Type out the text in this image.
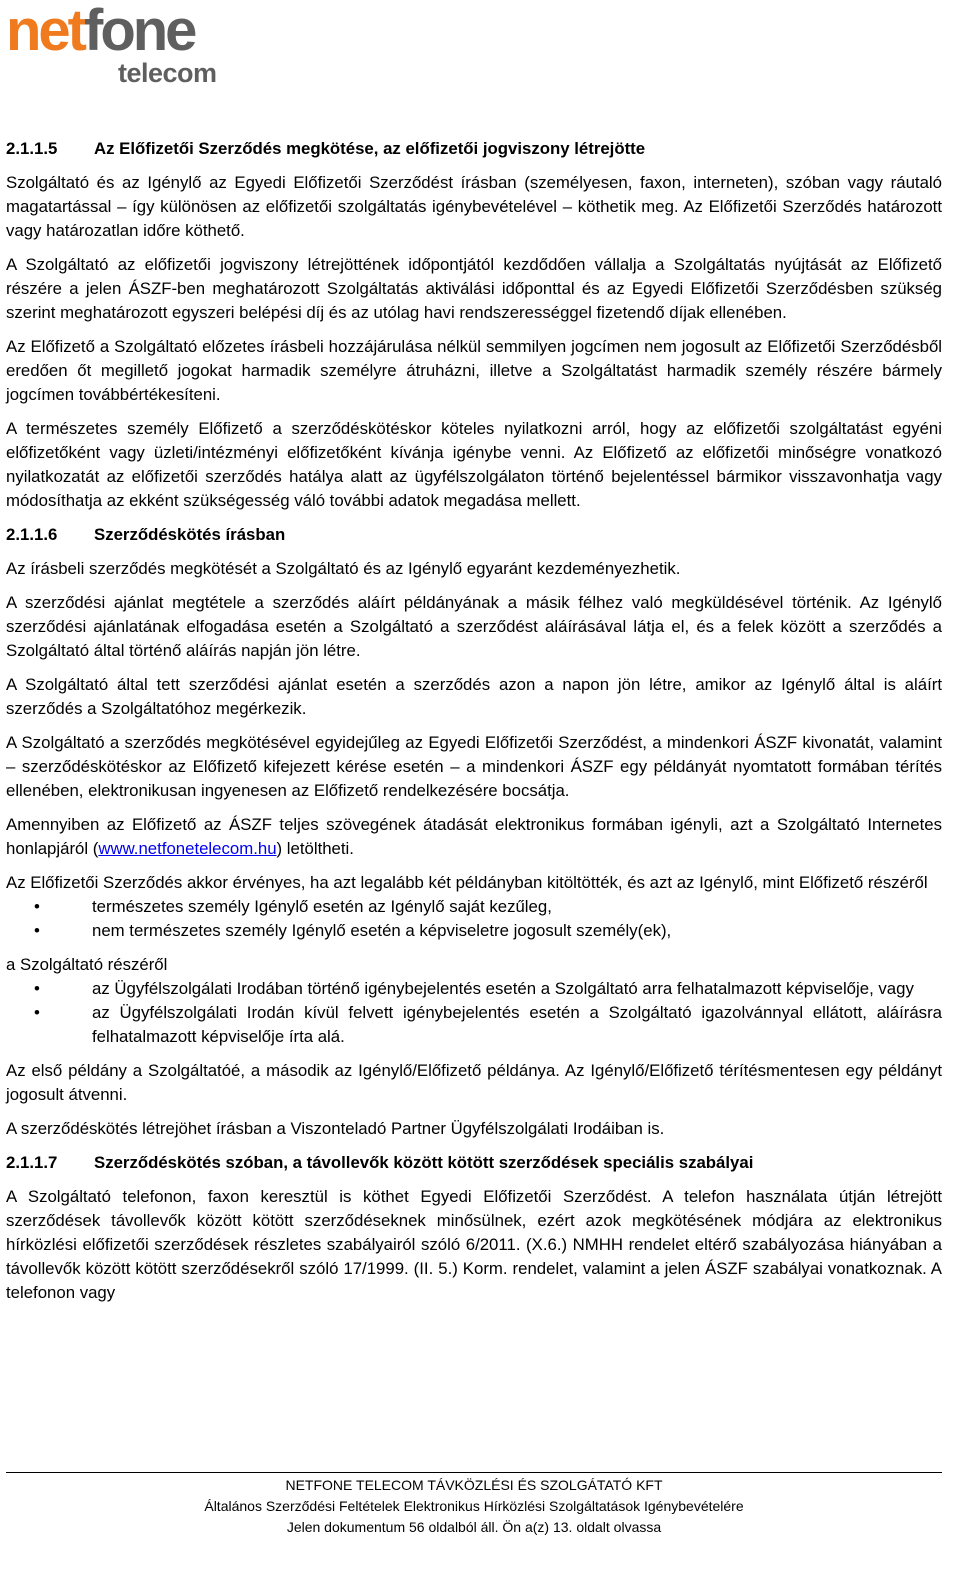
netfone
telecom
2.1.1.5	Az Előfizetői Szerződés megkötése, az előfizetői jogviszony létrejötte

Szolgáltató és az Igénylő az Egyedi Előfizetői Szerződést írásban (személyesen, faxon, interneten), szóban vagy ráutaló magatartással – így különösen az előfizetői szolgáltatás igénybevételével – köthetik meg. Az Előfizetői Szerződés határozott vagy határozatlan időre köthető.

A Szolgáltató az előfizetői jogviszony létrejöttének időpontjától kezdődően vállalja a Szolgáltatás nyújtását az Előfizető részére a jelen ÁSZF-ben meghatározott Szolgáltatás aktiválási időponttal és az Egyedi Előfizetői Szerződésben szükség szerint meghatározott egyszeri belépési díj és az utólag havi rendszerességgel fizetendő díjak ellenében.

Az Előfizető a Szolgáltató előzetes írásbeli hozzájárulása nélkül semmilyen jogcímen nem jogosult az Előfizetői Szerződésből eredően őt megillető jogokat harmadik személyre átruházni, illetve a Szolgáltatást harmadik személy részére bármely jogcímen továbbértékesíteni.

A természetes személy Előfizető a szerződéskötéskor köteles nyilatkozni arról, hogy az előfizetői szolgáltatást egyéni előfizetőként vagy üzleti/intézményi előfizetőként kívánja igénybe venni. Az Előfizető az előfizetői minőségre vonatkozó nyilatkozatát az előfizetői szerződés hatálya alatt az ügyfélszolgálaton történő bejelentéssel bármikor visszavonhatja vagy módosíthatja az ekként szükségesség váló további adatok megadása mellett.

2.1.1.6	Szerződéskötés írásban

Az írásbeli szerződés megkötését a Szolgáltató és az Igénylő egyaránt kezdeményezhetik.

A szerződési ajánlat megtétele a szerződés aláírt példányának a másik félhez való megküldésével történik. Az Igénylő szerződési ajánlatának elfogadása esetén a Szolgáltató a szerződést aláírásával látja el, és a felek között a szerződés a Szolgáltató által történő aláírás napján jön létre.

A Szolgáltató által tett szerződési ajánlat esetén a szerződés azon a napon jön létre, amikor az Igénylő által is aláírt szerződés a Szolgáltatóhoz megérkezik.

A Szolgáltató a szerződés megkötésével egyidejűleg az Egyedi Előfizetői Szerződést, a mindenkori ÁSZF kivonatát, valamint – szerződéskötéskor az Előfizető kifejezett kérése esetén – a mindenkori ÁSZF egy példányát nyomtatott formában térítés ellenében, elektronikusan ingyenesen az Előfizető rendelkezésére bocsátja.

Amennyiben az Előfizető az ÁSZF teljes szövegének átadását elektronikus formában igényli, azt a Szolgáltató Internetes honlapjáról (www.netfonetelecom.hu) letöltheti.

Az Előfizetői Szerződés akkor érvényes, ha azt legalább két példányban kitöltötték, és azt az Igénylő, mint Előfizető részéről

•	természetes személy Igénylő esetén az Igénylő saját kezűleg,
•	nem természetes személy Igénylő esetén a képviseletre jogosult személy(ek),

a Szolgáltató részéről

•	az Ügyfélszolgálati Irodában történő igénybejelentés esetén a Szolgáltató arra felhatalmazott képviselője, vagy
•	az Ügyfélszolgálati Irodán kívül felvett igénybejelentés esetén a Szolgáltató igazolvánnyal ellátott, aláírásra felhatalmazott képviselője írta alá.

Az első példány a Szolgáltatóé, a második az Igénylő/Előfizető példánya. Az Igénylő/Előfizető térítésmentesen egy példányt jogosult átvenni.

A szerződéskötés létrejöhet írásban a Viszonteladó Partner Ügyfélszolgálati Irodáiban is.

2.1.1.7	Szerződéskötés szóban, a távollevők között kötött szerződések speciális szabályai

A Szolgáltató telefonon, faxon keresztül is köthet Egyedi Előfizetői Szerződést. A telefon használata útján létrejött szerződések távollevők között kötött szerződéseknek minősülnek, ezért azok megkötésének módjára az elektronikus hírközlési előfizetői szerződések részletes szabályairól szóló 6/2011. (X.6.) NMHH rendelet eltérő szabályozása hiányában a távollevők között kötött szerződésekről szóló 17/1999. (II. 5.) Korm. rendelet, valamint a jelen ÁSZF szabályai vonatkoznak. A telefonon vagy

NETFONE TELECOM TÁVKÖZLÉSI ÉS SZOLGÁTATÓ KFT
Általános Szerződési Feltételek Elektronikus Hírközlési Szolgáltatások Igénybevételére
Jelen dokumentum 56 oldalból áll. Ön a(z) 13. oldalt olvassa
